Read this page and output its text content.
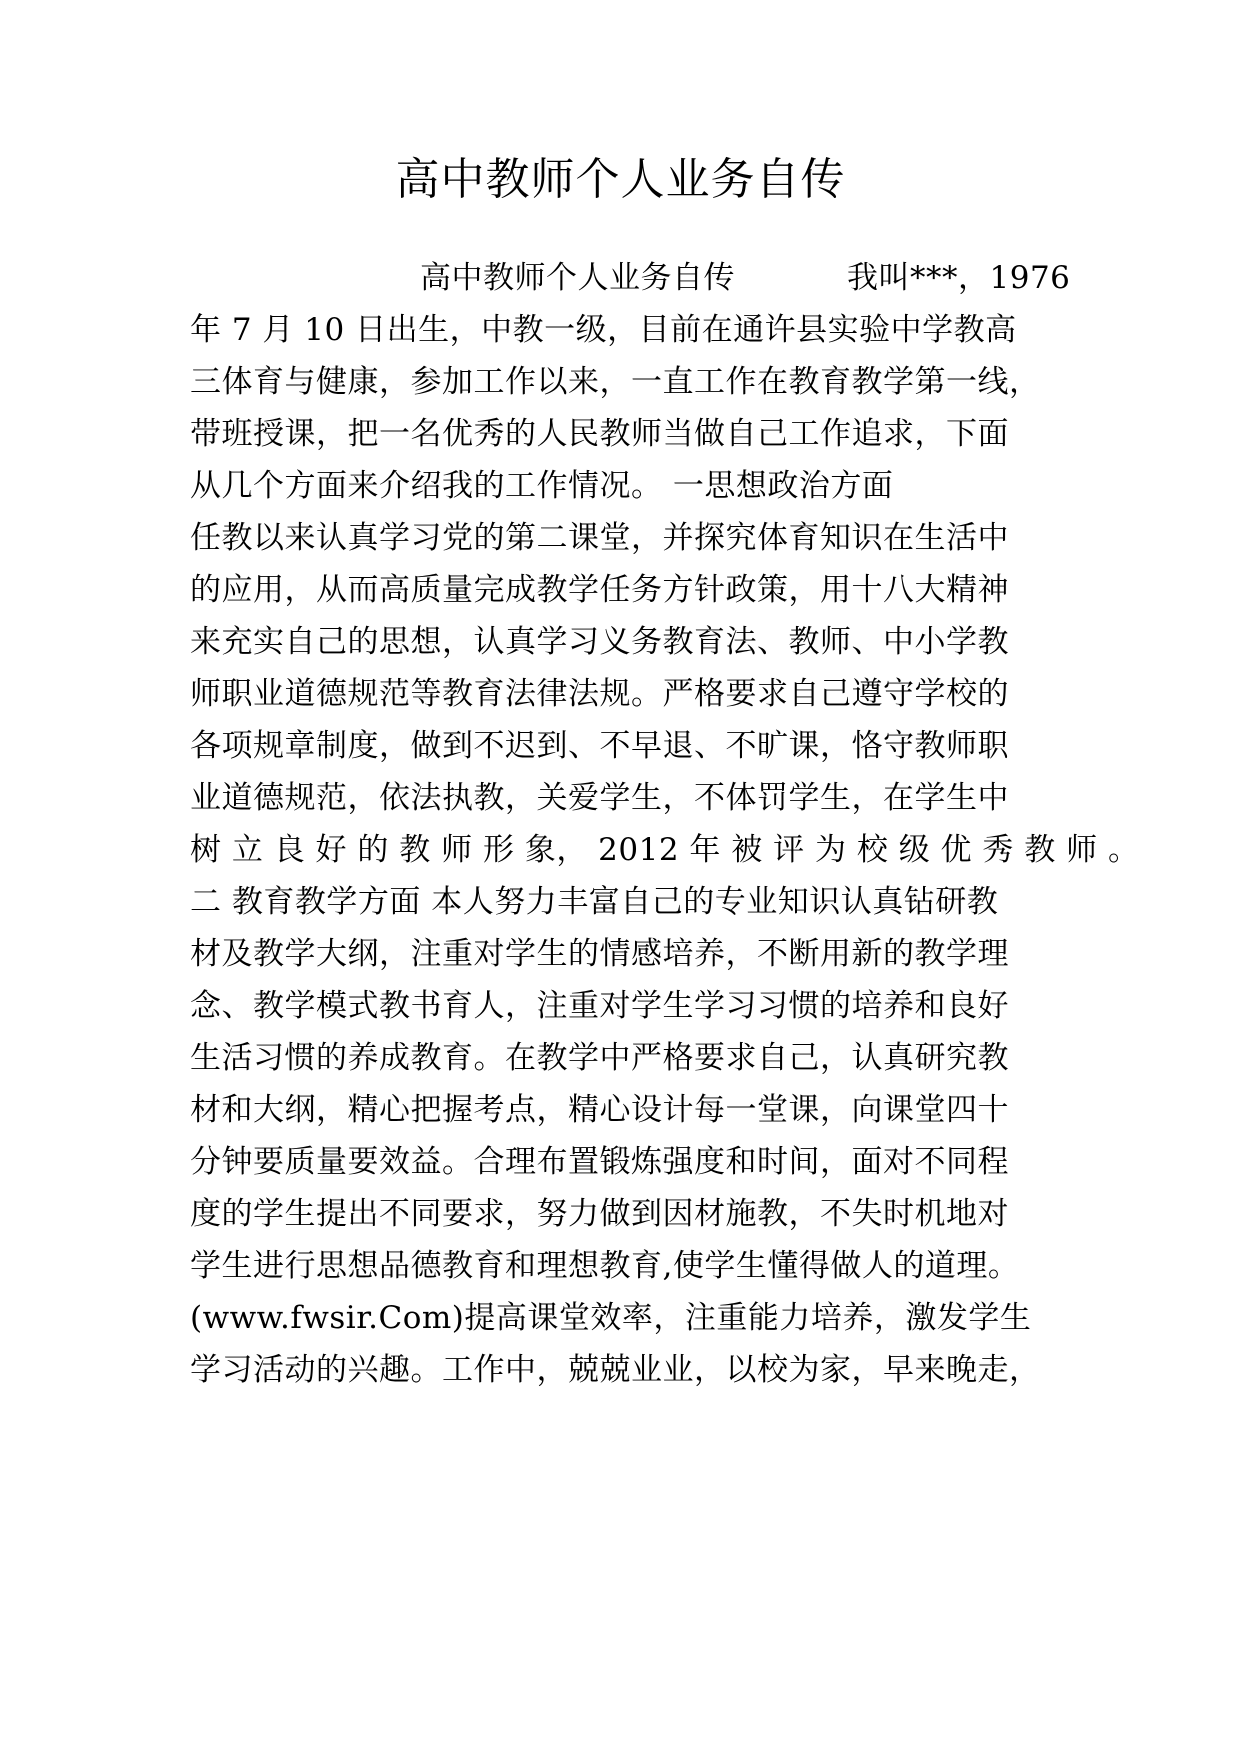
高中教师个人业务自传
高中教师个人业务自传	我叫***，1976
年 7 月 10 日出生，中教一级，目前在通许县实验中学教高
三体育与健康，参加工作以来，一直工作在教育教学第一线，
带班授课，把一名优秀的人民教师当做自己工作追求，下面
从几个方面来介绍我的工作情况。 一思想政治方面
任教以来认真学习党的第二课堂，并探究体育知识在生活中
的应用，从而高质量完成教学任务方针政策，用十八大精神
来充实自己的思想，认真学习义务教育法、教师、中小学教
师职业道德规范等教育法律法规。严格要求自己遵守学校的
各项规章制度，做到不迟到、不早退、不旷课，恪守教师职
业道德规范，依法执教，关爱学生，不体罚学生，在学生中
树 立 良 好 的 教 师 形 象， 2012 年 被 评 为 校 级 优 秀 教 师 。
二 教育教学方面 本人努力丰富自己的专业知识认真钻研教
材及教学大纲，注重对学生的情感培养，不断用新的教学理
念、教学模式教书育人，注重对学生学习习惯的培养和良好
生活习惯的养成教育。在教学中严格要求自己，认真研究教
材和大纲，精心把握考点，精心设计每一堂课，向课堂四十
分钟要质量要效益。合理布置锻炼强度和时间，面对不同程
度的学生提出不同要求，努力做到因材施教，不失时机地对
学生进行思想品德教育和理想教育,使学生懂得做人的道理。
(www.fwsir.Com)提高课堂效率，注重能力培养，激发学生
学习活动的兴趣。工作中，兢兢业业，以校为家，早来晚走，
